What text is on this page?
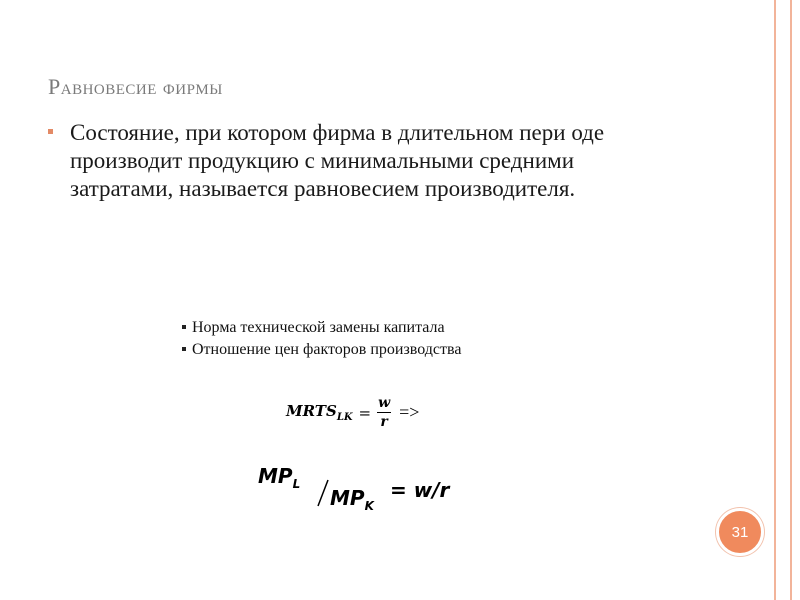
Равновесие фирмы
Состояние, при котором фирма в длительном пери оде производит продукцию с минимальными средними затратами, называется равновесием производителя.
Норма технической замены капитала
Отношение цен факторов производства
$MRTS_{LK} = \frac{w}{r}$ =>
$MP_L$
$MP_K$
= w/r
31
